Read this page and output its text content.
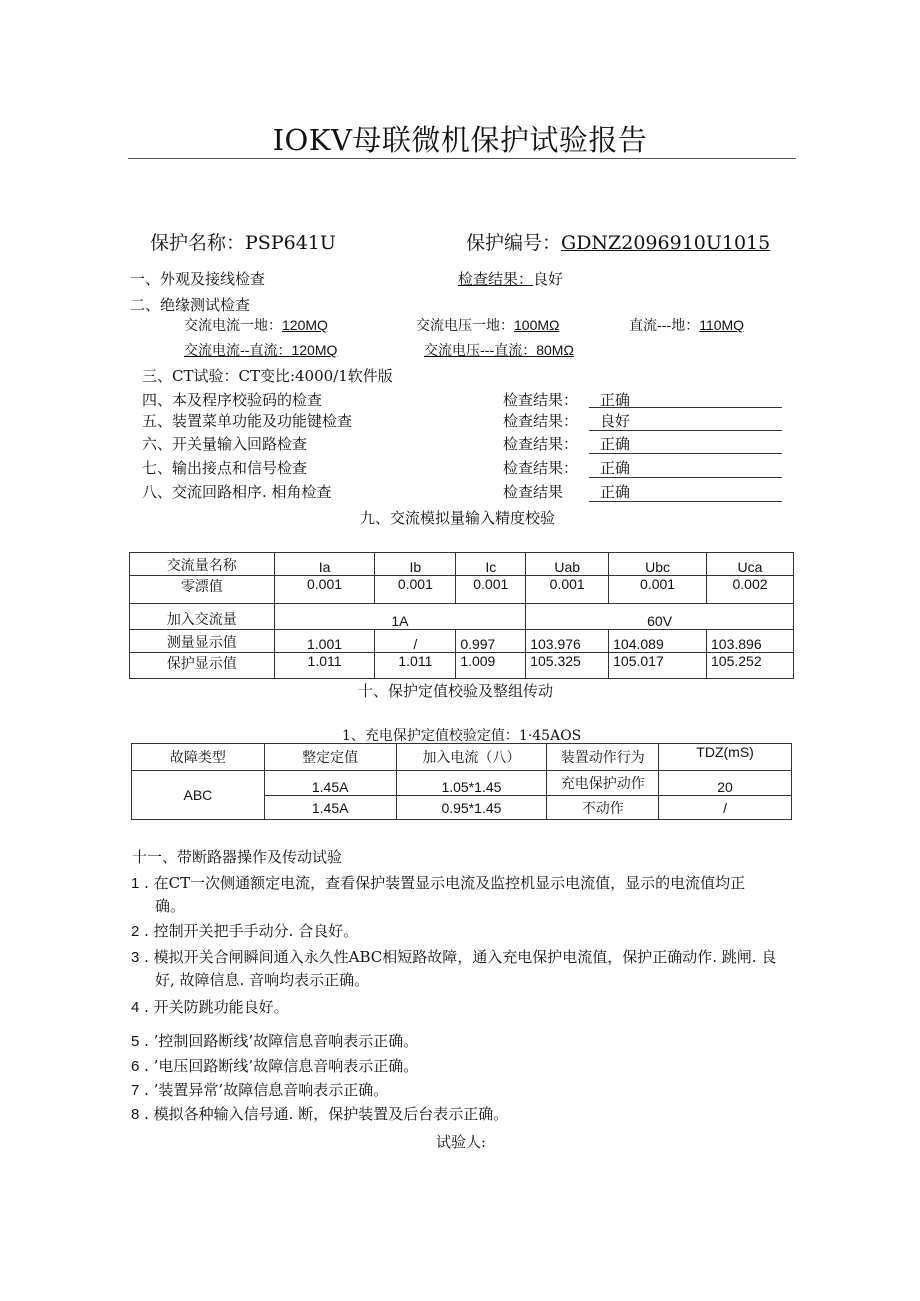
IOKV母联微机保护试验报告
保护名称：PSP641U	保护编号：GDNZ2096910U1015
一、外观及接线检查	检查结果：良好
二、绝缘测试检查
交流电流一地：120MQ	交流电压一地：100MΩ	直流---地：110MQ
交流电流--直流：120MQ	交流电压---直流：80MΩ
三、CT试验：CT变比:4000/1软件版
四、本及程序校验码的检查	检查结果： 正确
五、装置菜单功能及功能键检查	检查结果： 良好
六、开关量输入回路检查	检查结果： 正确
七、输出接点和信号检查	检查结果： 正确
八、交流回路相序. 相角检查	检查结果 正确
九、交流模拟量输入精度校验
交流量名称	Ia	Ib	Ic	Uab	Ubc	Uca
零漂值	0.001	0.001	0.001	0.001	0.001	0.002
加入交流量	1A			60V		
测量显示值	1.001	/	0.997	103.976	104.089	103.896
保护显示值	1.011	1.011	1.009	105.325	105.017	105.252
十、保护定值校验及整组传动
1、充电保护定值校验定值：1·45AOS
故障类型	整定定值	加入电流（八）	装置动作行为	TDZ(mS)
ABC	1.45A	1.05*1.45	充电保护动作	20
	1.45A	0.95*1.45	不动作	/
十一、带断路器操作及传动试验
1 . 在CT一次侧通额定电流，查看保护装置显示电流及监控机显示电流值，显示的电流值均正
确。
2 . 控制开关把手手动分. 合良好。
3 . 模拟开关合闸瞬间通入永久性ABC相短路故障，通入充电保护电流值，保护正确动作. 跳闸. 良
好, 故障信息. 音响均表示正确。
4 . 开关防跳功能良好。
5 . ’控制回路断线’故障信息音响表示正确。
6 . ’电压回路断线’故障信息音响表示正确。
7 . ’装置异常’故障信息音响表示正确。
8 . 模拟各种输入信号通. 断，保护装置及后台表示正确。
试验人:
